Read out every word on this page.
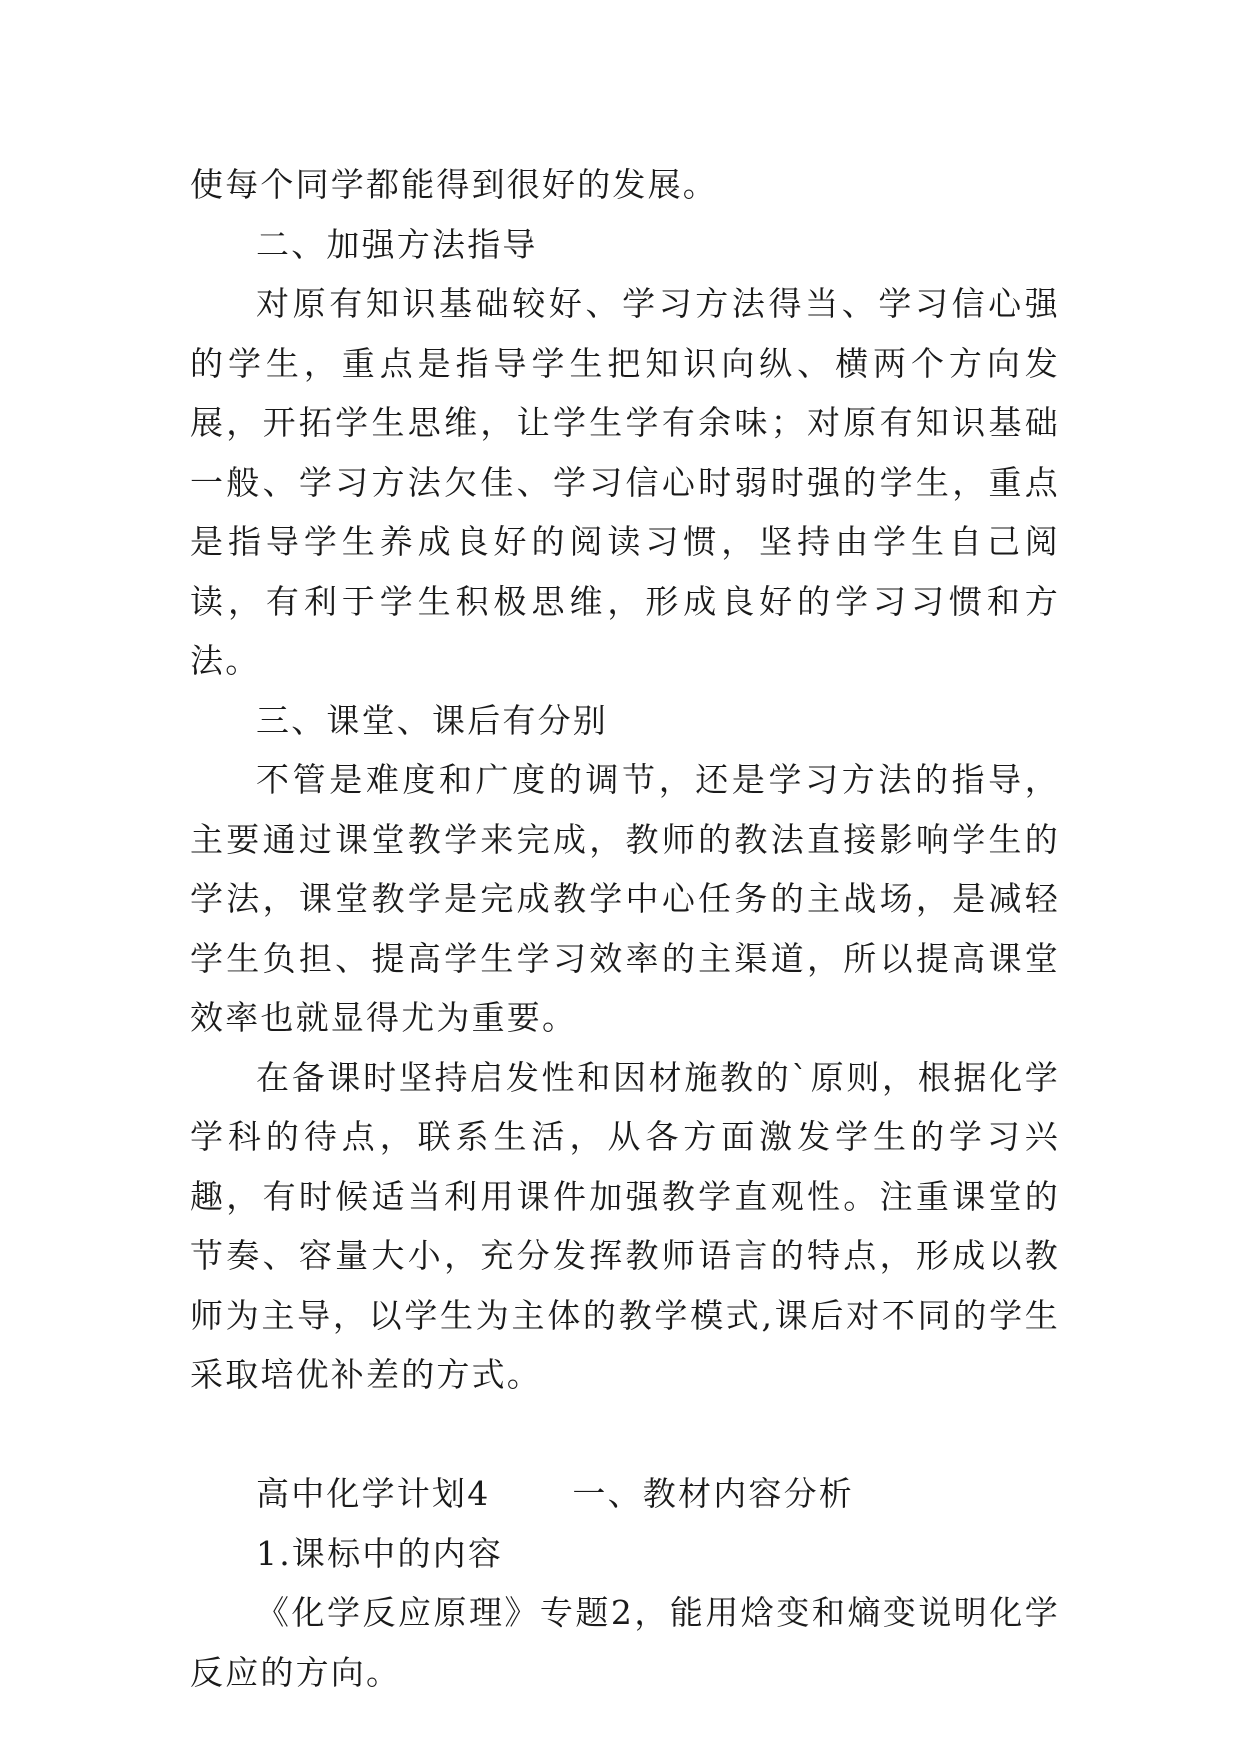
使每个同学都能得到很好的发展。

二、加强方法指导

对原有知识基础较好、学习方法得当、学习信心强的学生，重点是指导学生把知识向纵、横两个方向发展，开拓学生思维，让学生学有余味；对原有知识基础一般、学习方法欠佳、学习信心时弱时强的学生，重点是指导学生养成良好的阅读习惯，坚持由学生自己阅读，有利于学生积极思维，形成良好的学习习惯和方法。

三、课堂、课后有分别

不管是难度和广度的调节，还是学习方法的指导，主要通过课堂教学来完成，教师的教法直接影响学生的学法，课堂教学是完成教学中心任务的主战场，是减轻学生负担、提高学生学习效率的主渠道，所以提高课堂效率也就显得尤为重要。

在备课时坚持启发性和因材施教的`原则，根据化学学科的待点，联系生活，从各方面激发学生的学习兴趣，有时候适当利用课件加强教学直观性。注重课堂的节奏、容量大小，充分发挥教师语言的特点，形成以教师为主导，以学生为主体的教学模式,课后对不同的学生采取培优补差的方式。

高中化学计划4 一、教材内容分析

1.课标中的内容

《化学反应原理》专题2，能用焓变和熵变说明化学反应的方向。
